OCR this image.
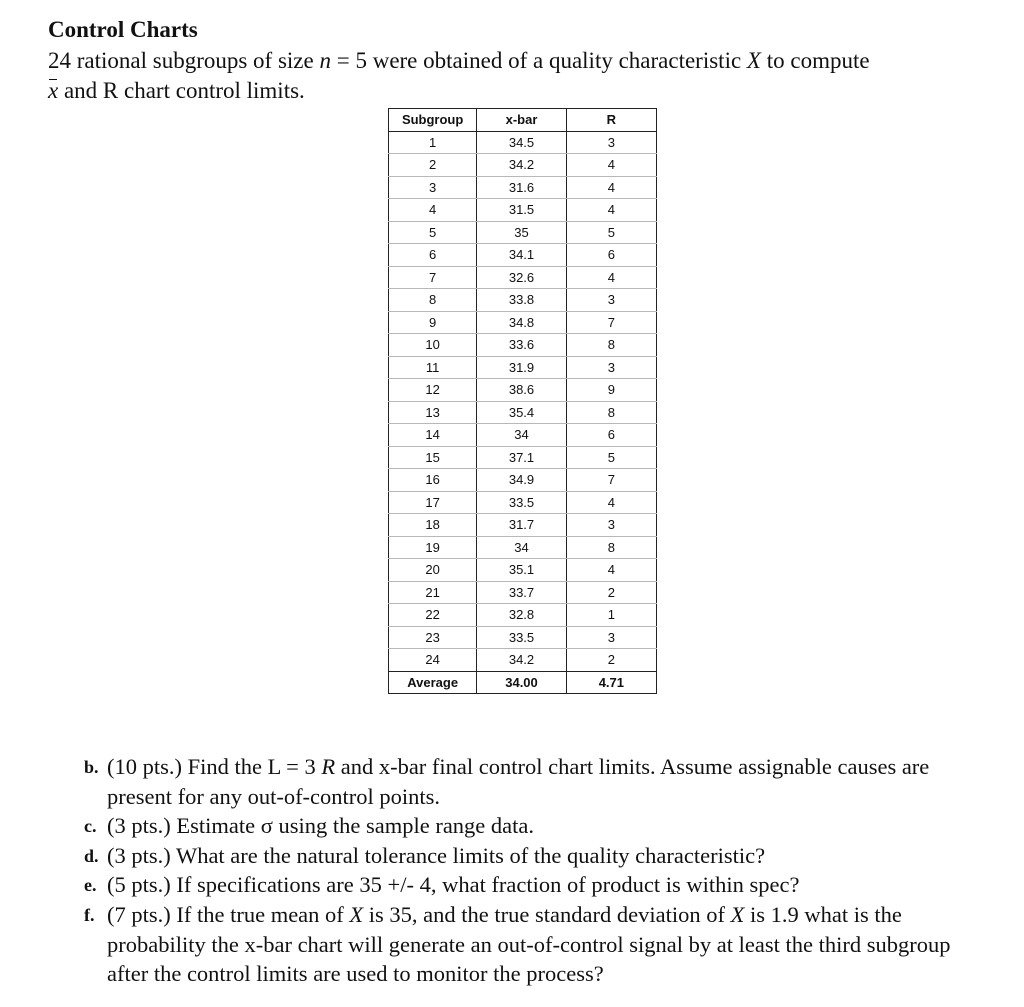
Control Charts
24 rational subgroups of size n = 5 were obtained of a quality characteristic X to compute
x and R chart control limits.
Subgroup	x-bar	R
1	34.5	3
2	34.2	4
3	31.6	4
4	31.5	4
5	35	5
6	34.1	6
7	32.6	4
8	33.8	3
9	34.8	7
10	33.6	8
11	31.9	3
12	38.6	9
13	35.4	8
14	34	6
15	37.1	5
16	34.9	7
17	33.5	4
18	31.7	3
19	34	8
20	35.1	4
21	33.7	2
22	32.8	1
23	33.5	3
24	34.2	2
Average	34.00	4.71
b. (10 pts.) Find the L = 3 R and x-bar final control chart limits. Assume assignable causes are present for any out-of-control points.
c. (3 pts.) Estimate σ using the sample range data.
d. (3 pts.) What are the natural tolerance limits of the quality characteristic?
e. (5 pts.) If specifications are 35 +/- 4, what fraction of product is within spec?
f. (7 pts.) If the true mean of X is 35, and the true standard deviation of X is 1.9 what is the probability the x-bar chart will generate an out-of-control signal by at least the third subgroup after the control limits are used to monitor the process?
